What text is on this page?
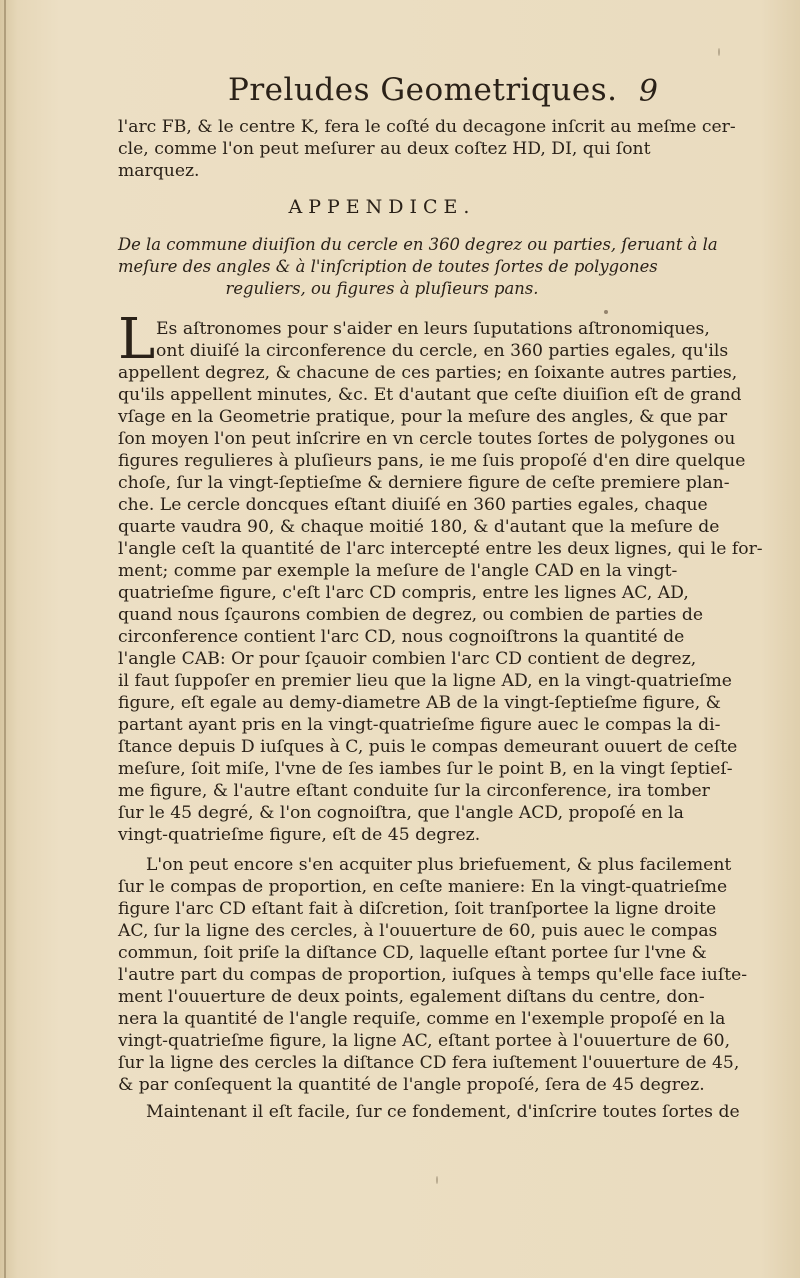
Preludes Geometriques. 9
l'arc FB, & le centre K, fera le coſté du decagone inſcrit au meſme cer-
cle, comme l'on peut meſurer au deux coſtez HD, DI, qui ſont
marquez.
APPENDICE.
De la commune diuiſion du cercle en 360 degrez ou parties, ſeruant à la
meſure des angles & à l'inſcription de toutes ſortes de polygones
reguliers, ou figures à pluſieurs pans.
L Es aſtronomes pour s'aider en leurs ſuputations aſtronomiques,
ont diuiſé la circonference du cercle, en 360 parties egales, qu'ils
appellent degrez, & chacune de ces parties; en ſoixante autres parties,
qu'ils appellent minutes, &c. Et d'autant que ceſte diuiſion eſt de grand
vſage en la Geometrie pratique, pour la meſure des angles, & que par
ſon moyen l'on peut inſcrire en vn cercle toutes ſortes de polygones ou
figures regulieres à pluſieurs pans, ie me ſuis propoſé d'en dire quelque
choſe, ſur la vingt-ſeptieſme & derniere figure de ceſte premiere plan-
che. Le cercle doncques eſtant diuiſé en 360 parties egales, chaque
quarte vaudra 90, & chaque moitié 180, & d'autant que la meſure de
l'angle ceſt la quantité de l'arc intercepté entre les deux lignes, qui le for-
ment; comme par exemple la meſure de l'angle CAD en la vingt-
quatrieſme figure, c'eſt l'arc CD compris, entre les lignes AC, AD,
quand nous ſçaurons combien de degrez, ou combien de parties de
circonference contient l'arc CD, nous cognoiſtrons la quantité de
l'angle CAB: Or pour ſçauoir combien l'arc CD contient de degrez,
il faut ſuppoſer en premier lieu que la ligne AD, en la vingt-quatrieſme
figure, eſt egale au demy-diametre AB de la vingt-ſeptieſme figure, &
partant ayant pris en la vingt-quatrieſme figure auec le compas la di-
ſtance depuis D iuſques à C, puis le compas demeurant ouuert de ceſte
meſure, ſoit miſe, l'vne de ſes iambes ſur le point B, en la vingt ſeptieſ-
me figure, & l'autre eſtant conduite ſur la circonference, ira tomber
ſur le 45 degré, & l'on cognoiſtra, que l'angle ACD, propoſé en la
vingt-quatrieſme figure, eſt de 45 degrez.
L'on peut encore s'en acquiter plus briefuement, & plus facilement
ſur le compas de proportion, en ceſte maniere: En la vingt-quatrieſme
figure l'arc CD eſtant fait à diſcretion, ſoit tranſportee la ligne droite
AC, ſur la ligne des cercles, à l'ouuerture de 60, puis auec le compas
commun, ſoit priſe la diſtance CD, laquelle eſtant portee ſur l'vne &
l'autre part du compas de proportion, iuſques à temps qu'elle face iuſte-
ment l'ouuerture de deux points, egalement diſtans du centre, don-
nera la quantité de l'angle requiſe, comme en l'exemple propoſé en la
vingt-quatrieſme figure, la ligne AC, eſtant portee à l'ouuerture de 60,
ſur la ligne des cercles la diſtance CD fera iuſtement l'ouuerture de 45,
& par conſequent la quantité de l'angle propoſé, ſera de 45 degrez.
Maintenant il eſt facile, ſur ce fondement, d'inſcrire toutes ſortes de
